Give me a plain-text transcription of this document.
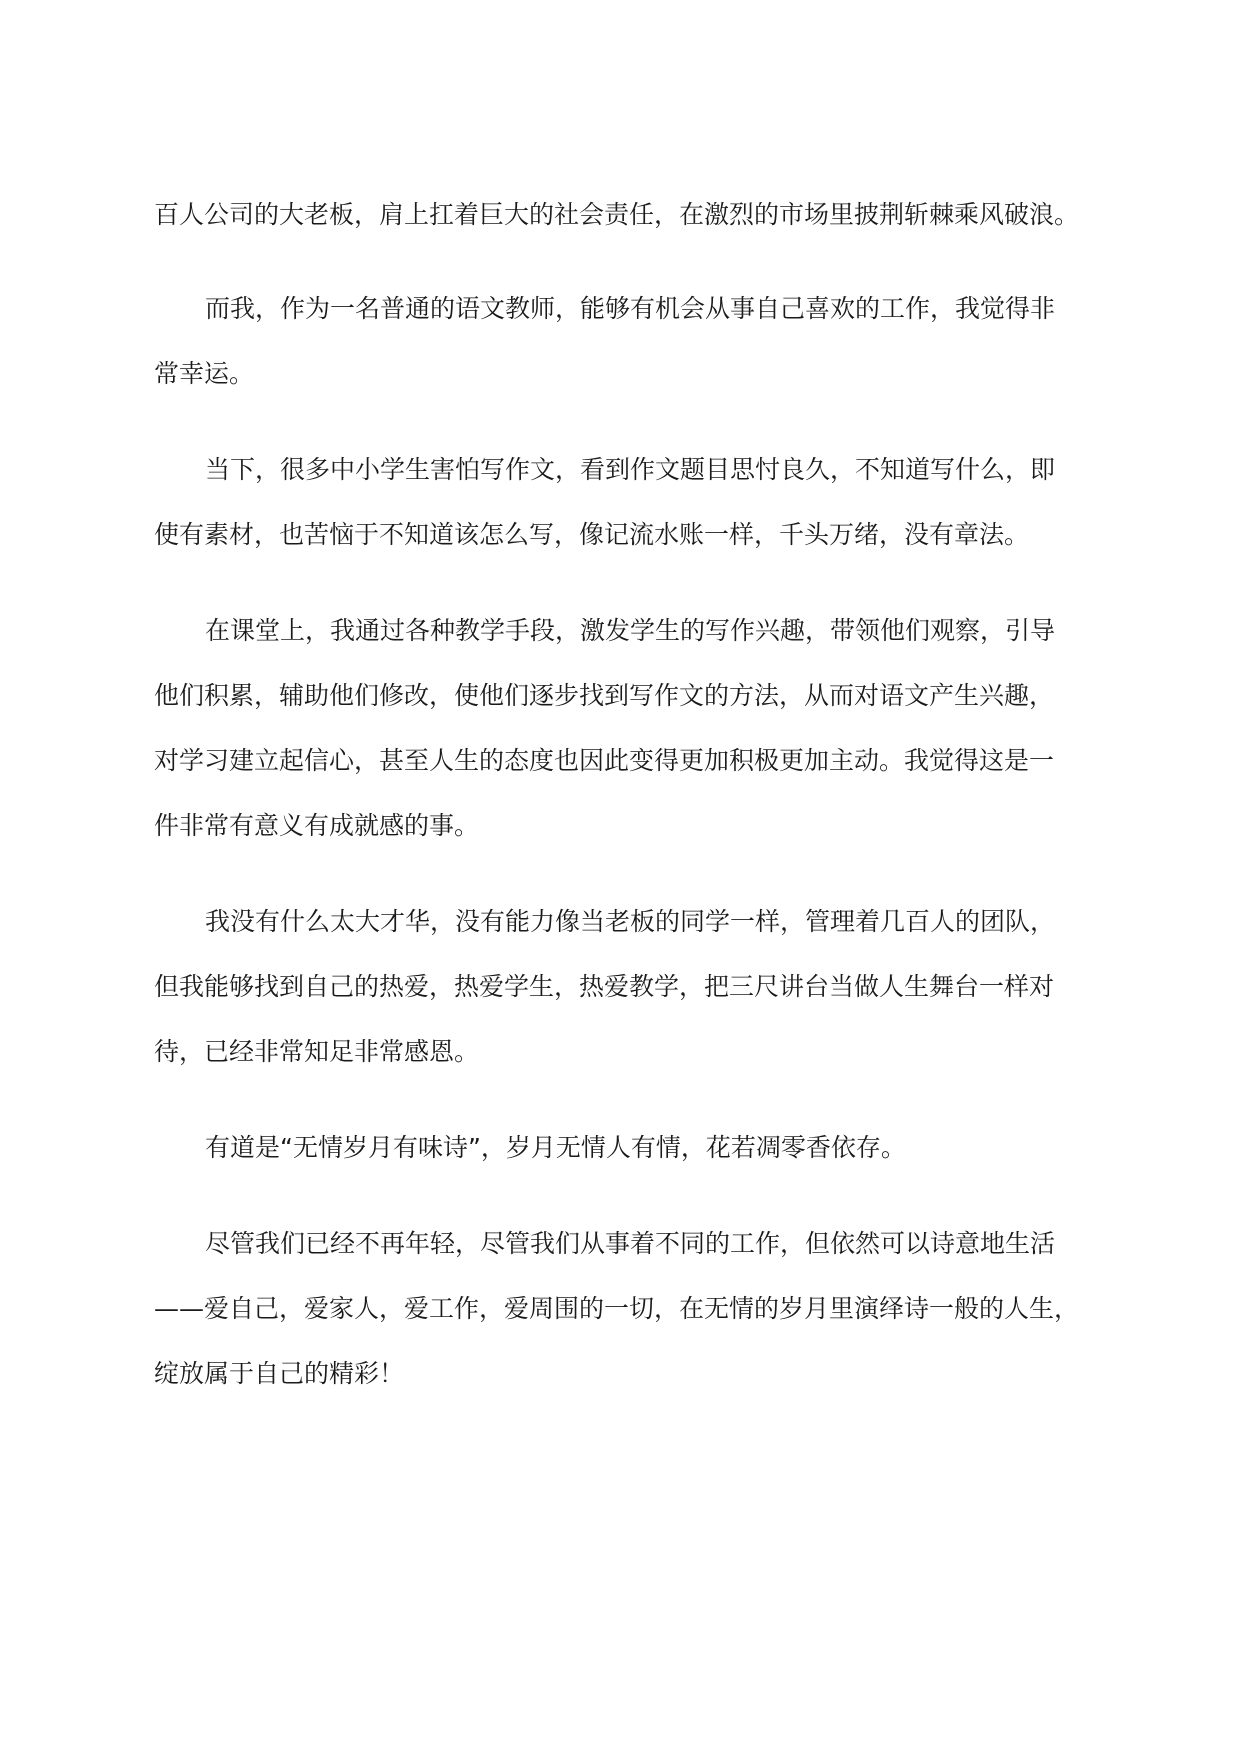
百人公司的大老板，肩上扛着巨大的社会责任，在激烈的市场里披荆斩棘乘风破浪。
而我，作为一名普通的语文教师，能够有机会从事自己喜欢的工作，我觉得非
常幸运。
当下，很多中小学生害怕写作文，看到作文题目思忖良久，不知道写什么，即
使有素材，也苦恼于不知道该怎么写，像记流水账一样，千头万绪，没有章法。
在课堂上，我通过各种教学手段，激发学生的写作兴趣，带领他们观察，引导
他们积累，辅助他们修改，使他们逐步找到写作文的方法，从而对语文产生兴趣，
对学习建立起信心，甚至人生的态度也因此变得更加积极更加主动。我觉得这是一
件非常有意义有成就感的事。
我没有什么太大才华，没有能力像当老板的同学一样，管理着几百人的团队，
但我能够找到自己的热爱，热爱学生，热爱教学，把三尺讲台当做人生舞台一样对
待，已经非常知足非常感恩。
有道是“无情岁月有味诗”，岁月无情人有情，花若凋零香依存。
尽管我们已经不再年轻，尽管我们从事着不同的工作，但依然可以诗意地生活
——爱自己，爱家人，爱工作，爱周围的一切，在无情的岁月里演绎诗一般的人生，
绽放属于自己的精彩！
